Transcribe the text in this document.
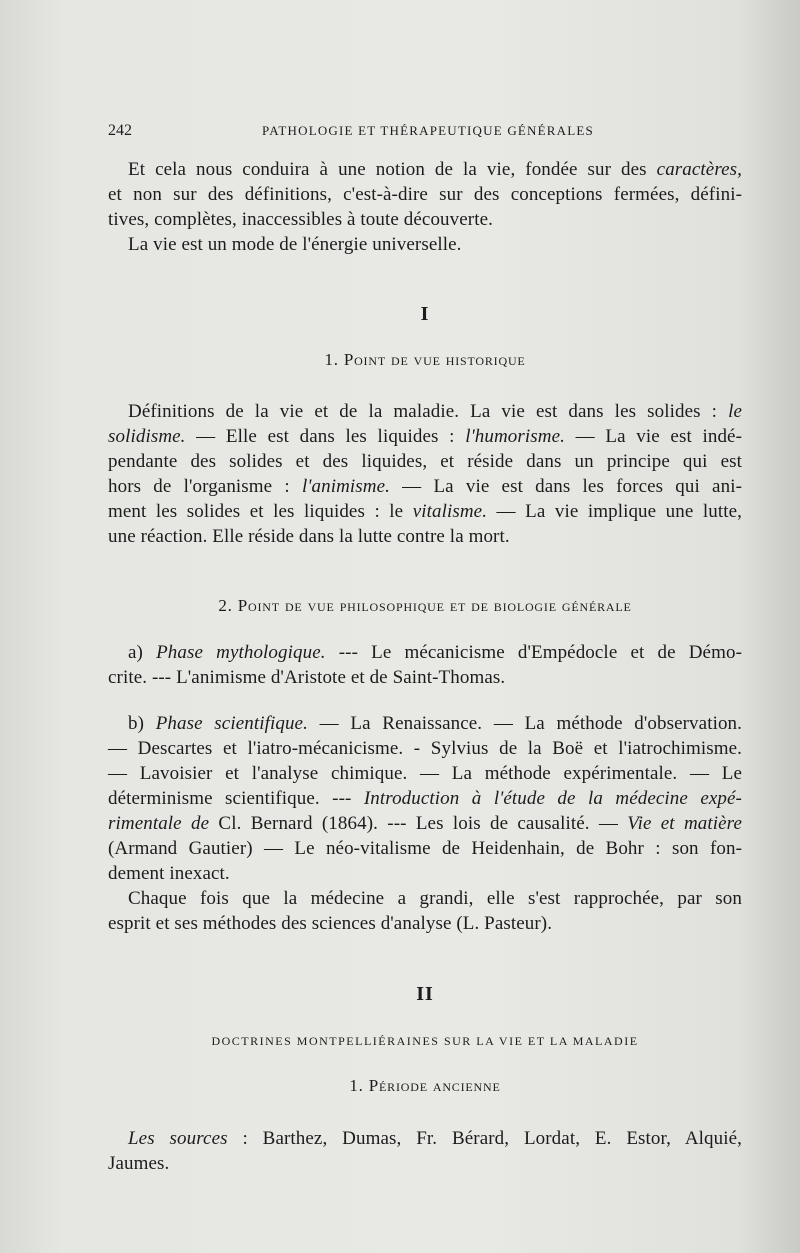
242	PATHOLOGIE ET THÉRAPEUTIQUE GÉNÉRALES
Et cela nous conduira à une notion de la vie, fondée sur des caractères,
et non sur des définitions, c'est-à-dire sur des conceptions fermées, défini-
tives, complètes, inaccessibles à toute découverte.
La vie est un mode de l'énergie universelle.
I
1. Point de vue historique
Définitions de la vie et de la maladie. La vie est dans les solides : le
solidisme. — Elle est dans les liquides : l'humorisme. — La vie est indé-
pendante des solides et des liquides, et réside dans un principe qui est
hors de l'organisme : l'animisme. — La vie est dans les forces qui ani-
ment les solides et les liquides : le vitalisme. — La vie implique une lutte,
une réaction. Elle réside dans la lutte contre la mort.
2. Point de vue philosophique et de biologie générale
a) Phase mythologique. --- Le mécanicisme d'Empédocle et de Démo-
crite. --- L'animisme d'Aristote et de Saint-Thomas.
b) Phase scientifique. — La Renaissance. — La méthode d'observation.
— Descartes et l'iatro-mécanicisme. - Sylvius de la Boë et l'iatrochimisme.
— Lavoisier et l'analyse chimique. — La méthode expérimentale. — Le
déterminisme scientifique. --- Introduction à l'étude de la médecine expé-
rimentale de Cl. Bernard (1864). --- Les lois de causalité. — Vie et matière
(Armand Gautier) — Le néo-vitalisme de Heidenhain, de Bohr : son fon-
dement inexact.
Chaque fois que la médecine a grandi, elle s'est rapprochée, par son
esprit et ses méthodes des sciences d'analyse (L. Pasteur).
II
DOCTRINES MONTPELLIÉRAINES SUR LA VIE ET LA MALADIE
1. Période ancienne
Les sources : Barthez, Dumas, Fr. Bérard, Lordat, E. Estor, Alquié,
Jaumes.
